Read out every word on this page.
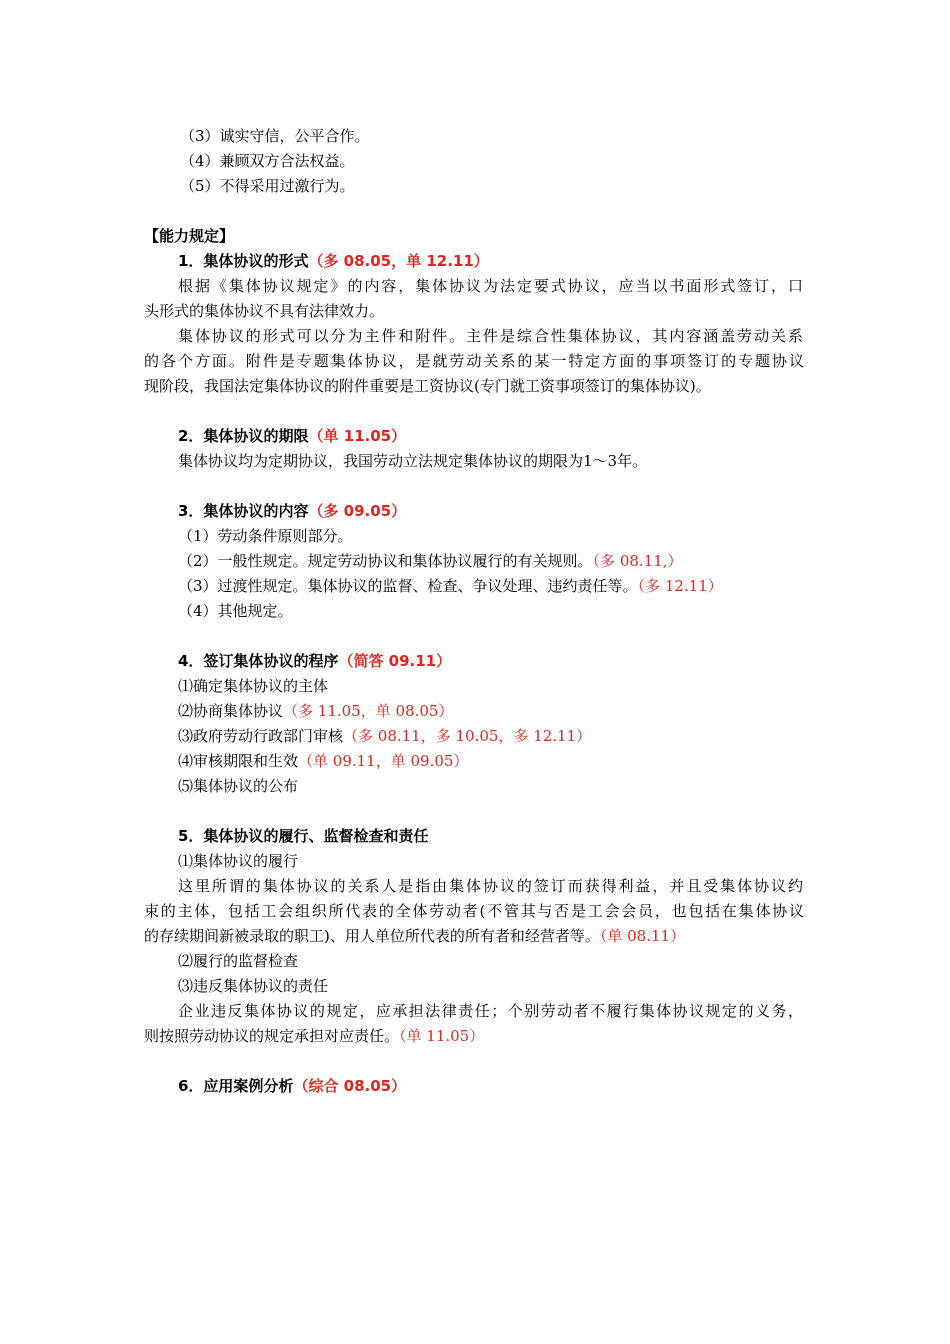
（3）诚实守信，公平合作。
（4）兼顾双方合法权益。
（5）不得采用过激行为。
【能力规定】
1．集体协议的形式（多 08.05，单 12.11）
根据《集体协议规定》的内容，集体协议为法定要式协议，应当以书面形式签订，口
头形式的集体协议不具有法律效力。
集体协议的形式可以分为主件和附件。主件是综合性集体协议，其内容涵盖劳动关系
的各个方面。附件是专题集体协议，是就劳动关系的某一特定方面的事项签订的专题协议
现阶段，我国法定集体协议的附件重要是工资协议(专门就工资事项签订的集体协议)。
2．集体协议的期限（单 11.05）
集体协议均为定期协议，我国劳动立法规定集体协议的期限为1～3年。
3．集体协议的内容（多 09.05）
（1）劳动条件原则部分。
（2）一般性规定。规定劳动协议和集体协议履行的有关规则。（多 08.11,）
（3）过渡性规定。集体协议的监督、检查、争议处理、违约责任等。（多 12.11）
（4）其他规定。
4．签订集体协议的程序（简答 09.11）
⑴确定集体协议的主体
⑵协商集体协议（多 11.05，单 08.05）
⑶政府劳动行政部门审核（多 08.11，多 10.05，多 12.11）
⑷审核期限和生效（单 09.11，单 09.05）
⑸集体协议的公布
5．集体协议的履行、监督检查和责任
⑴集体协议的履行
这里所谓的集体协议的关系人是指由集体协议的签订而获得利益，并且受集体协议约
束的主体，包括工会组织所代表的全体劳动者(不管其与否是工会会员，也包括在集体协议
的存续期间新被录取的职工)、用人单位所代表的所有者和经营者等。（单 08.11）
⑵履行的监督检查
⑶违反集体协议的责任
企业违反集体协议的规定，应承担法律责任；个别劳动者不履行集体协议规定的义务，
则按照劳动协议的规定承担对应责任。（单 11.05）
6．应用案例分析（综合 08.05）
